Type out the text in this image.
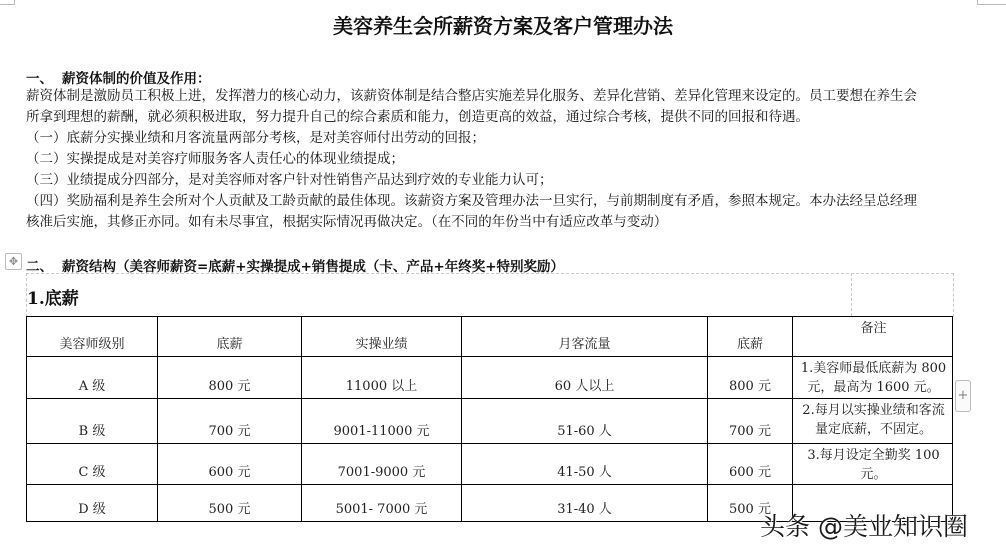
美容养生会所薪资方案及客户管理办法
一、 薪资体制的价值及作用：
薪资体制是激励员工积极上进，发挥潜力的核心动力，该薪资体制是结合整店实施差异化服务、差异化营销、差异化管理来设定的。员工要想在养生会
所拿到理想的薪酬，就必须积极进取，努力提升自己的综合素质和能力，创造更高的效益，通过综合考核，提供不同的回报和待遇。
（一）底薪分实操业绩和月客流量两部分考核，是对美容师付出劳动的回报；
（二）实操提成是对美容疗师服务客人责任心的体现业绩提成；
（三）业绩提成分四部分，是对美容师对客户针对性销售产品达到疗效的专业能力认可；
（四）奖励福利是养生会所对个人贡献及工龄贡献的最佳体现。该薪资方案及管理办法一旦实行，与前期制度有矛盾，参照本规定。本办法经呈总经理
核准后实施，其修正亦同。如有未尽事宜，根据实际情况再做决定。（在不同的年份当中有适应改革与变动）
✥ 二、 薪资结构（美容师薪资=底薪+实操提成+销售提成（卡、产品+年终奖+特别奖励）
1.底薪
美容师级别	底薪	实操业绩	月客流量	底薪	备注
A 级	800 元	11000 以上	60 人以上	800 元	1.美容师最低底薪为 800 元，最高为 1600 元。
B 级	700 元	9001-11000 元	51-60 人	700 元	2.每月以实操业绩和客流量定底薪，不固定。
C 级	600 元	7001-9000 元	41-50 人	600 元	3.每月设定全勤奖 100 元。
D 级	500 元	5001- 7000 元	31-40 人	500 元	
+
头条 @美业知识圈
